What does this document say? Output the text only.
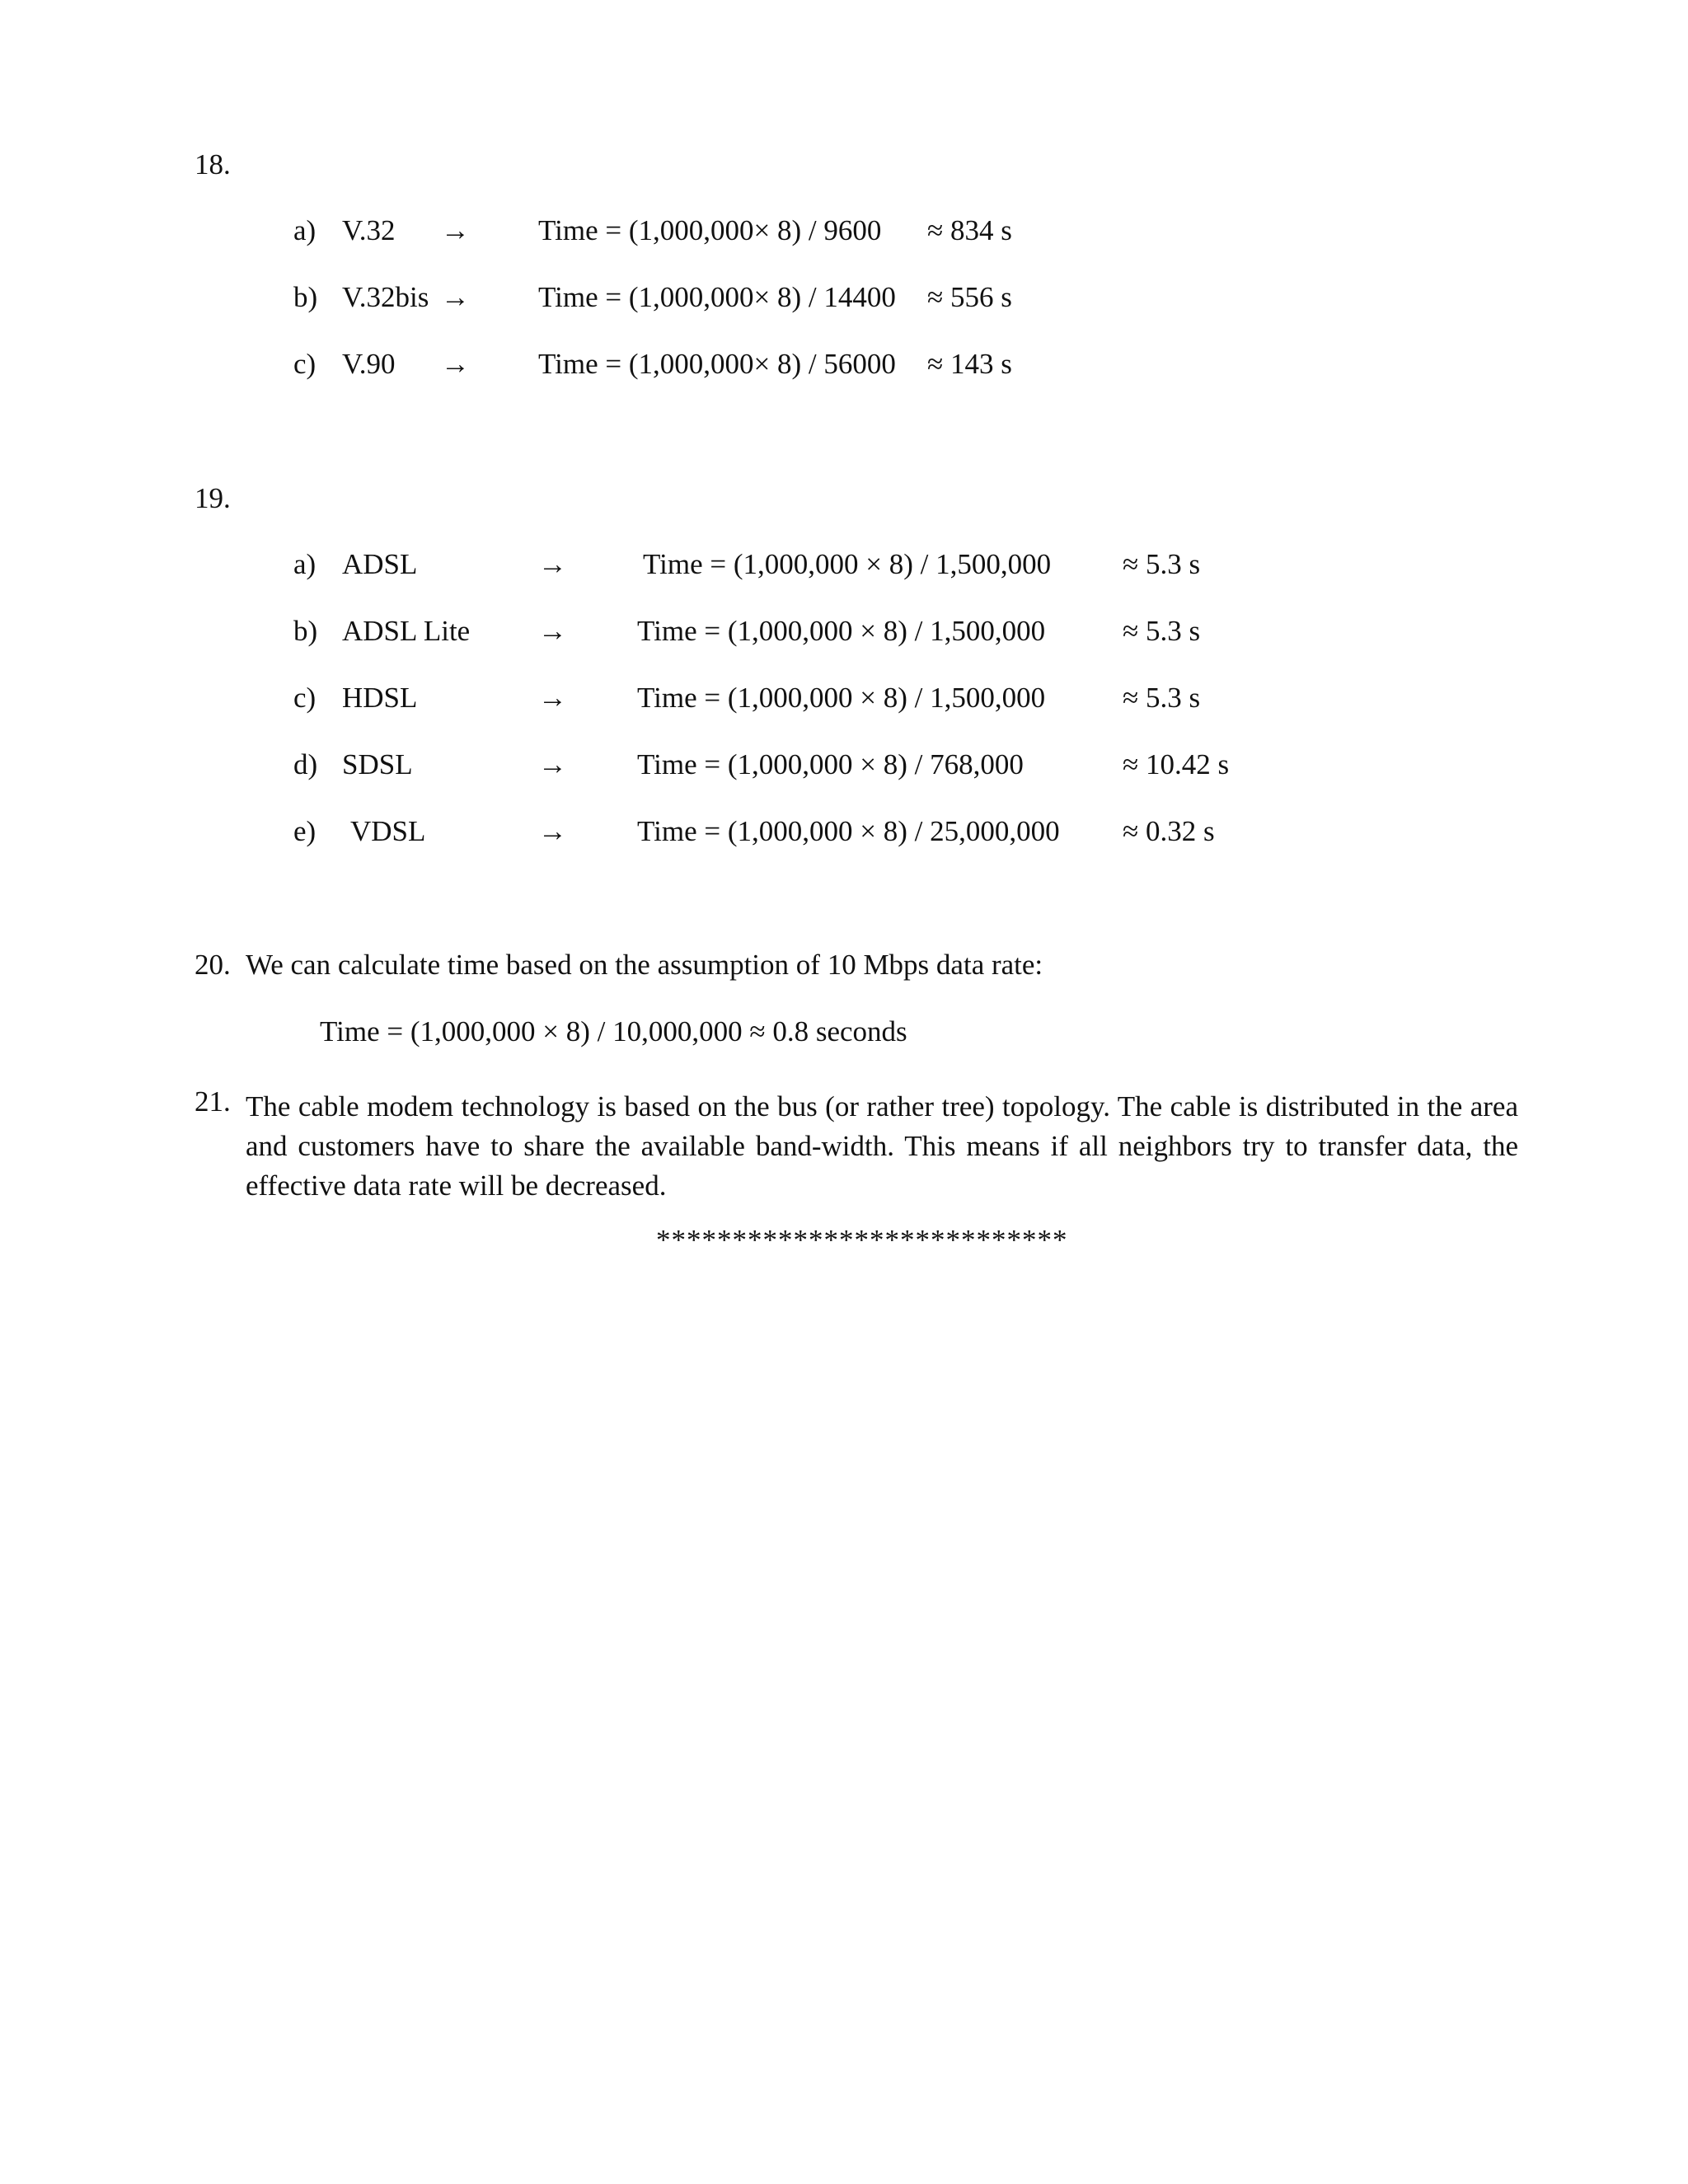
18.
a) V.32 → Time = (1,000,000× 8) / 9600 ≈ 834 s
b) V.32bis → Time = (1,000,000× 8) / 14400 ≈ 556 s
c) V.90 → Time = (1,000,000× 8) / 56000 ≈ 143 s
19.
a) ADSL	→	Time = (1,000,000 × 8) / 1,500,000 ≈ 5.3 s
b) ADSL Lite → Time = (1,000,000 × 8) / 1,500,000	≈ 5.3 s
c) HDSL	→ Time = (1,000,000 × 8) / 1,500,000	≈ 5.3 s
d) SDSL	→ Time = (1,000,000 × 8) / 768,000	≈ 10.42 s
e) VDSL	→ Time = (1,000,000 × 8) / 25,000,000 ≈ 0.32 s
20. We can calculate time based on the assumption of 10 Mbps data rate:
Time = (1,000,000 × 8) / 10,000,000 ≈ 0.8 seconds
21. The cable modem technology is based on the bus (or rather tree) topology. The cable is distributed in the area and customers have to share the available band-width. This means if all neighbors try to transfer data, the effective data rate will be decreased.
***************************
